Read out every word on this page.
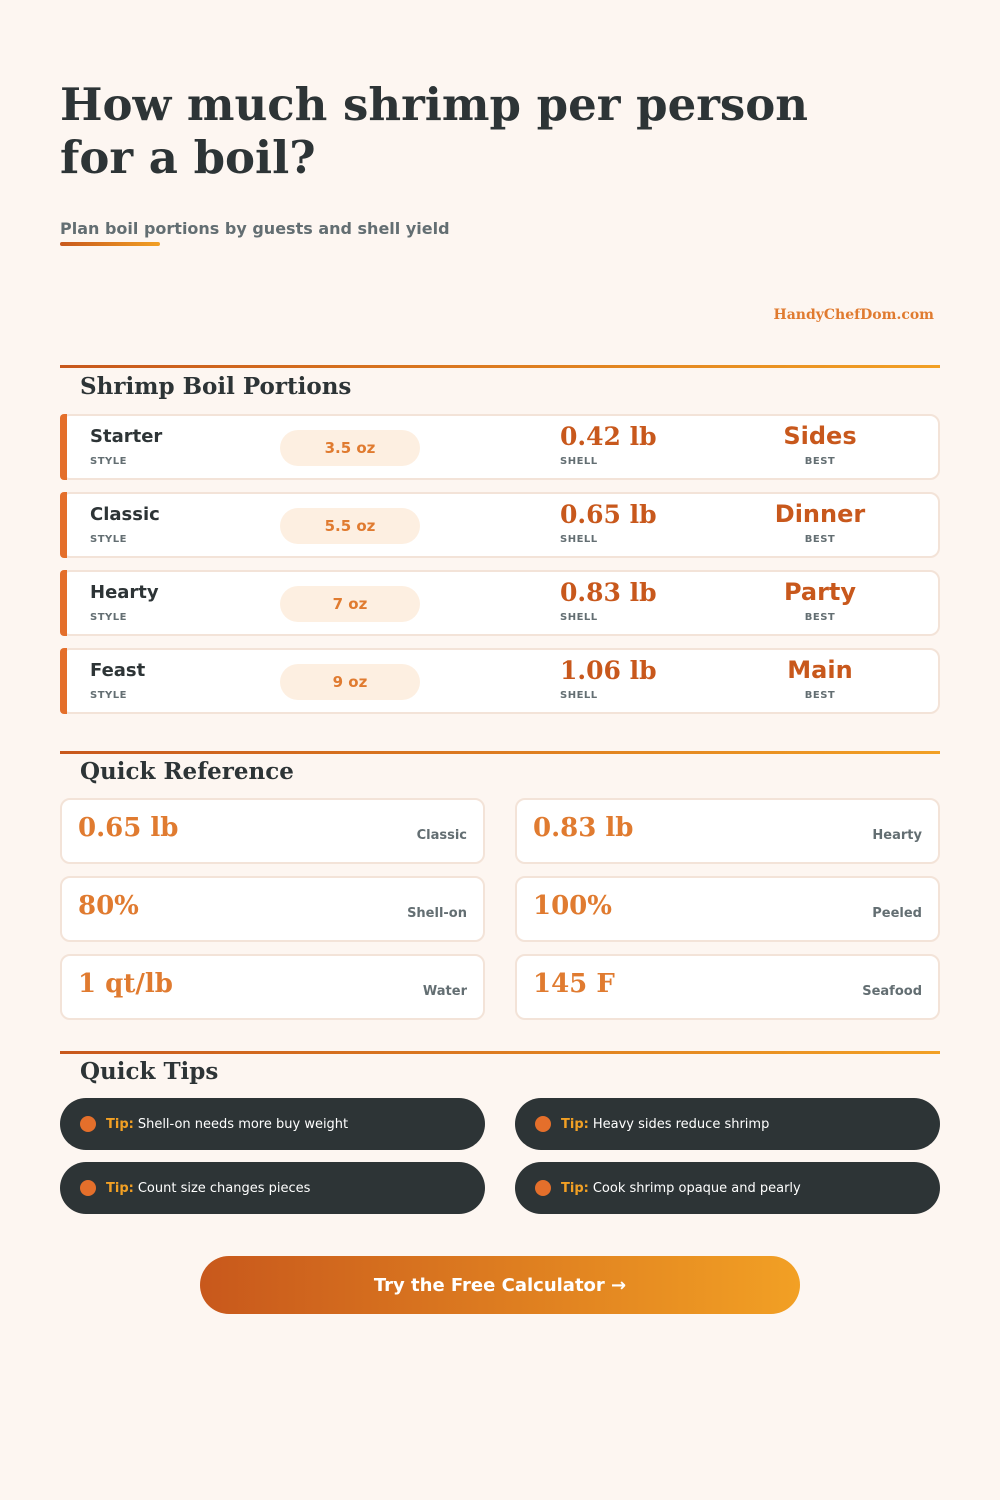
How much shrimp per person for a boil?

Plan boil portions by guests and shell yield

HandyChefDom.com
Shrimp Boil Portions
Starter
STYLE
3.5 oz	0.42 lb
SHELL
Sides
BEST
Classic
STYLE
5.5 oz	0.65 lb
SHELL
Dinner
BEST
Hearty
STYLE
7 oz	0.83 lb
SHELL
Party
BEST
Feast
STYLE
9 oz	1.06 lb
SHELL
Main
BEST
Quick Reference
0.65 lb	Classic	0.83 lb	Hearty
80%	Shell-on	100%	Peeled
1 qt/lb	Water	145 F	Seafood
Quick Tips
Tip: Shell-on needs more buy weight	Tip: Heavy sides reduce shrimp
Tip: Count size changes pieces	Tip: Cook shrimp opaque and pearly
Try the Free Calculator →
